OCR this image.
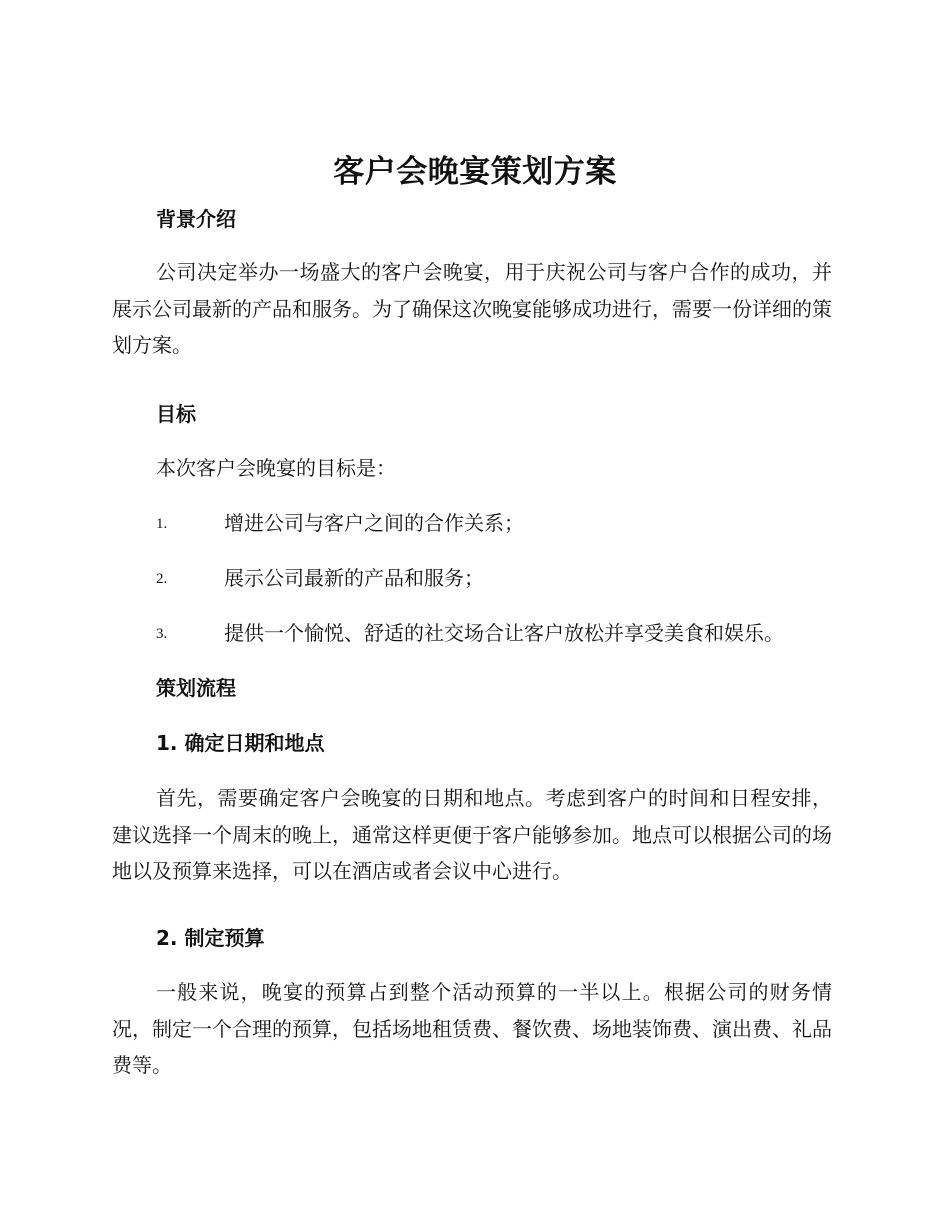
客户会晚宴策划方案
背景介绍

公司决定举办一场盛大的客户会晚宴，用于庆祝公司与客户合作的成功，并展示公司最新的产品和服务。为了确保这次晚宴能够成功进行，需要一份详细的策划方案。

目标

本次客户会晚宴的目标是：

1.	增进公司与客户之间的合作关系；
2.	展示公司最新的产品和服务；
3.	提供一个愉悦、舒适的社交场合让客户放松并享受美食和娱乐。
策划流程
1. 确定日期和地点

首先，需要确定客户会晚宴的日期和地点。考虑到客户的时间和日程安排，建议选择一个周末的晚上，通常这样更便于客户能够参加。地点可以根据公司的场地以及预算来选择，可以在酒店或者会议中心进行。

2. 制定预算

一般来说，晚宴的预算占到整个活动预算的一半以上。根据公司的财务情况，制定一个合理的预算，包括场地租赁费、餐饮费、场地装饰费、演出费、礼品费等。
